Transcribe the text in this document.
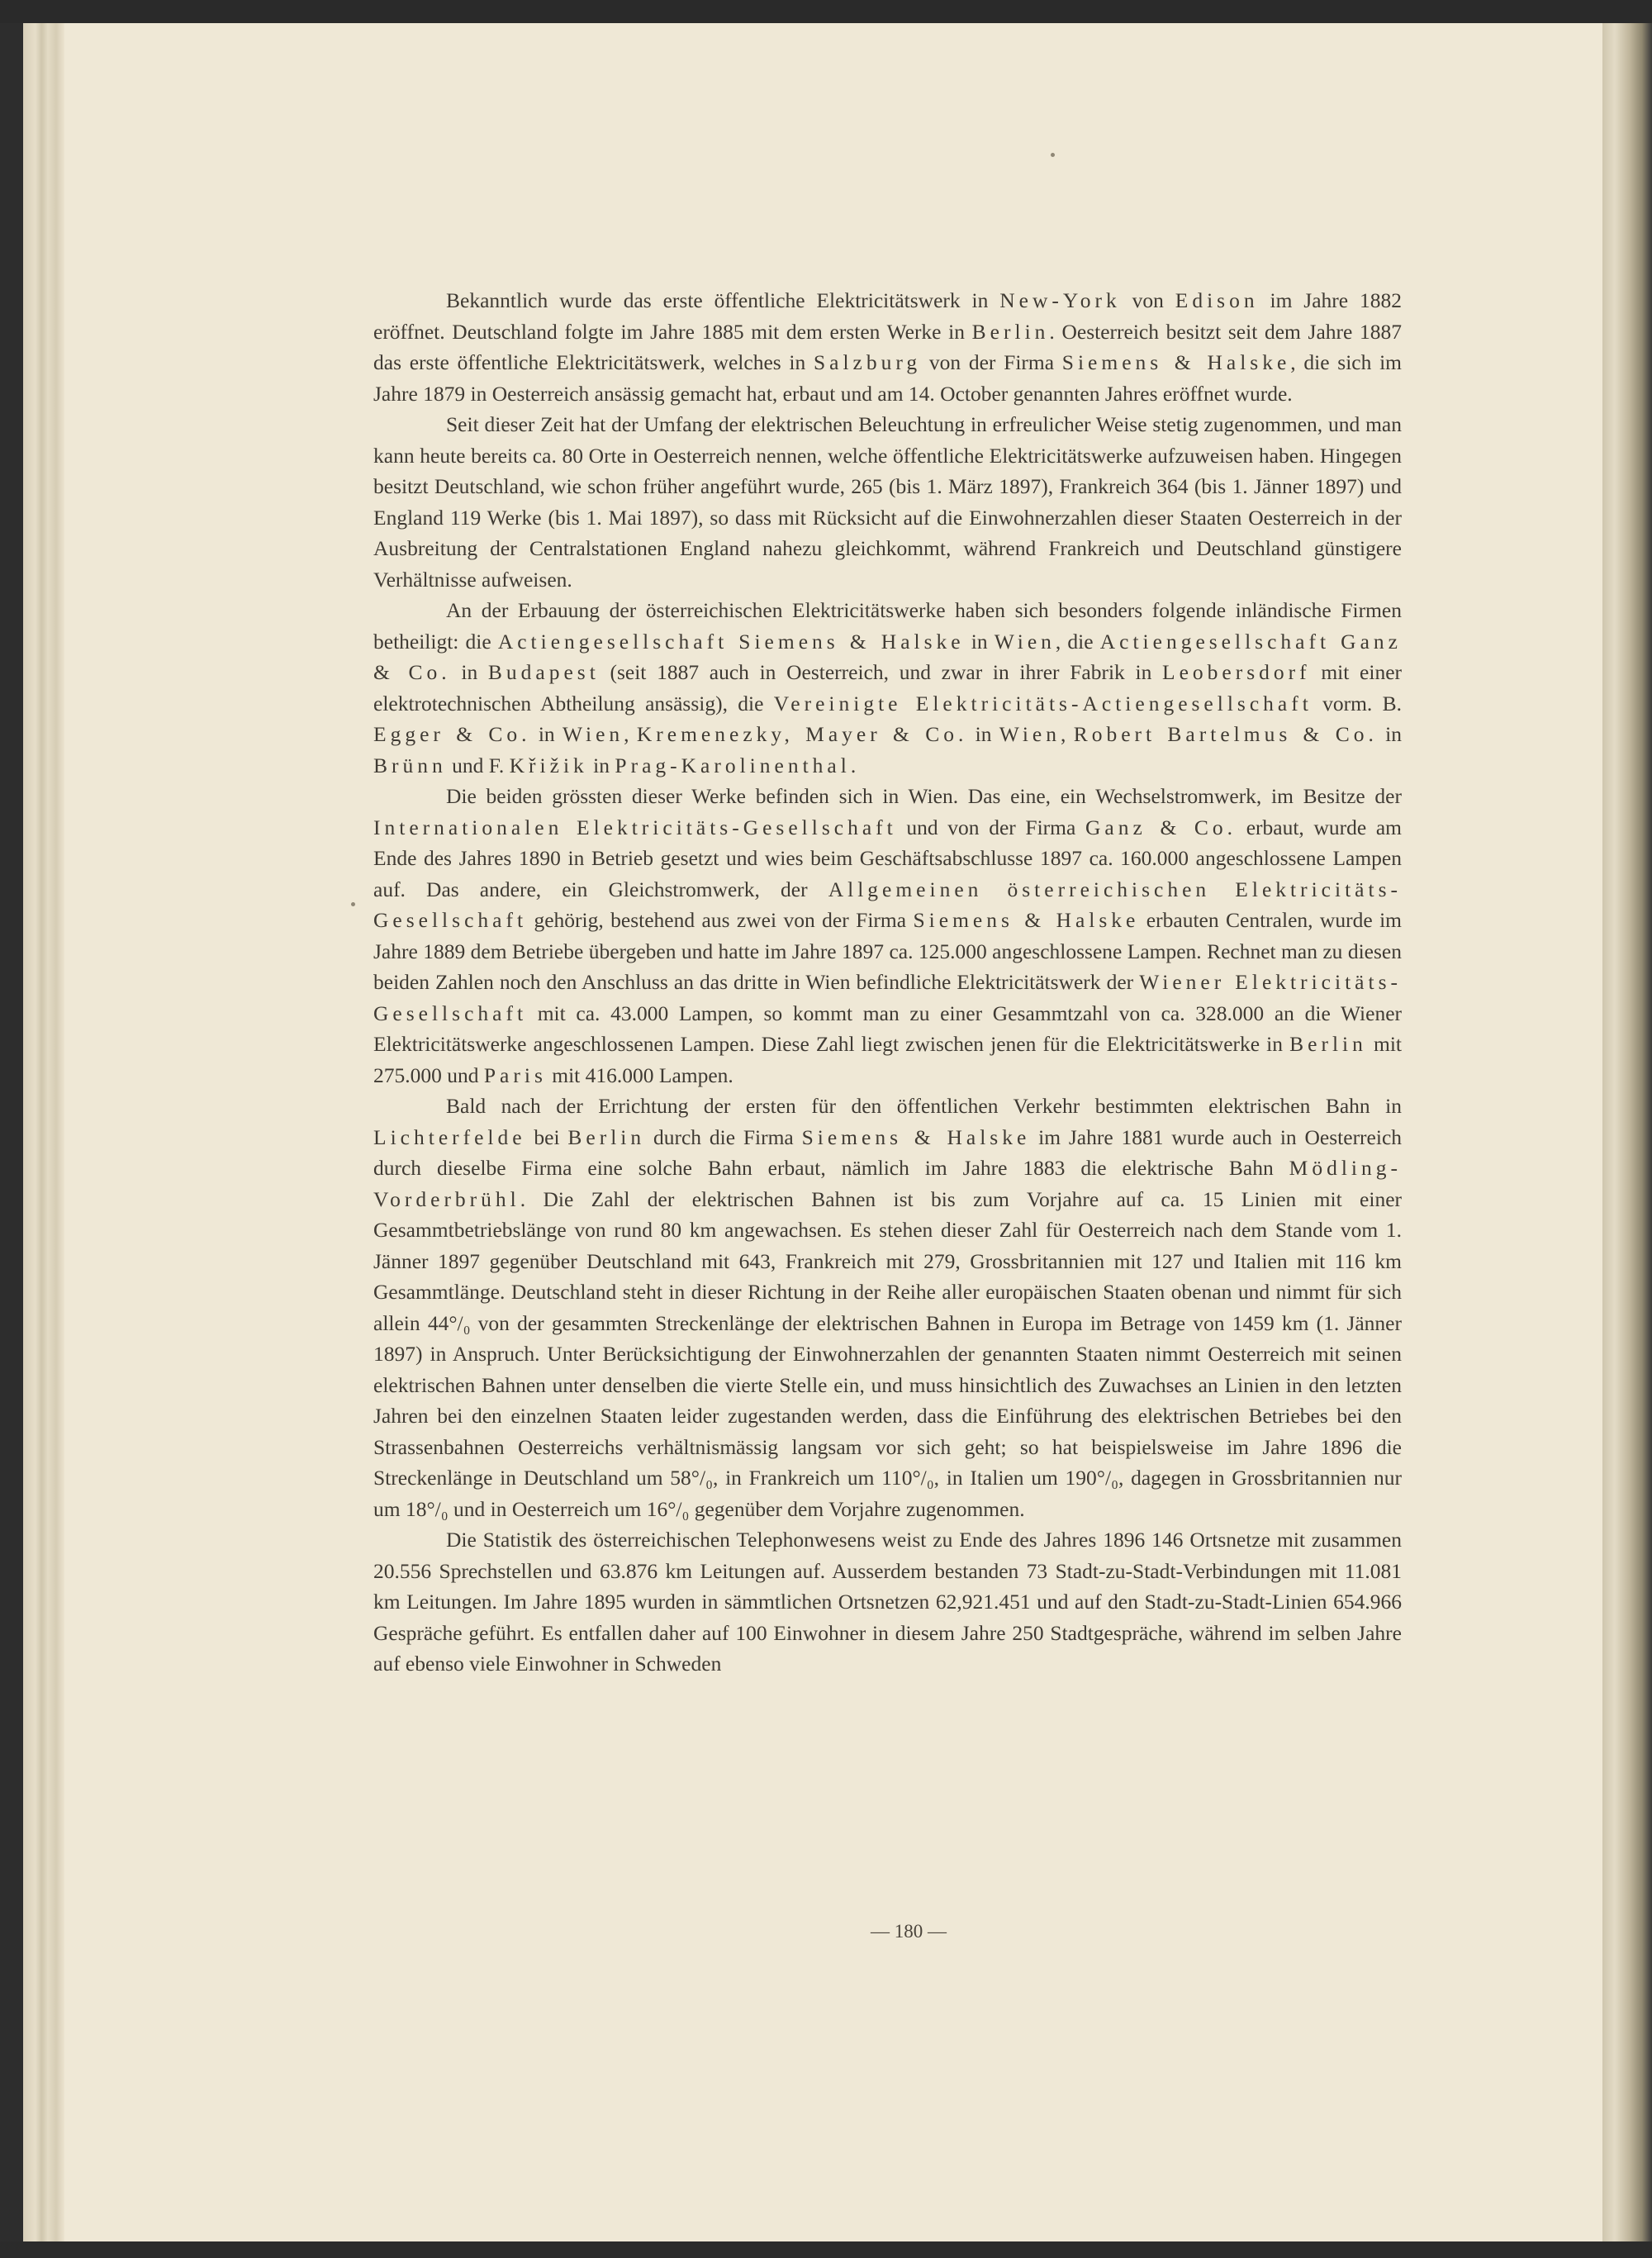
Bekanntlich wurde das erste öffentliche Elektricitätswerk in New-York von Edison im Jahre 1882 eröffnet. Deutschland folgte im Jahre 1885 mit dem ersten Werke in Berlin. Oesterreich besitzt seit dem Jahre 1887 das erste öffentliche Elektricitätswerk, welches in Salzburg von der Firma Siemens & Halske, die sich im Jahre 1879 in Oesterreich ansässig gemacht hat, erbaut und am 14. October genannten Jahres eröffnet wurde.

Seit dieser Zeit hat der Umfang der elektrischen Beleuchtung in erfreulicher Weise stetig zugenommen, und man kann heute bereits ca. 80 Orte in Oesterreich nennen, welche öffentliche Elektricitätswerke aufzuweisen haben. Hingegen besitzt Deutschland, wie schon früher angeführt wurde, 265 (bis 1. März 1897), Frankreich 364 (bis 1. Jänner 1897) und England 119 Werke (bis 1. Mai 1897), so dass mit Rücksicht auf die Einwohnerzahlen dieser Staaten Oesterreich in der Ausbreitung der Centralstationen England nahezu gleichkommt, während Frankreich und Deutschland günstigere Verhältnisse aufweisen.

An der Erbauung der österreichischen Elektricitätswerke haben sich besonders folgende inländische Firmen betheiligt: die Actiengesellschaft Siemens & Halske in Wien, die Actiengesellschaft Ganz & Co. in Budapest (seit 1887 auch in Oesterreich, und zwar in ihrer Fabrik in Leobersdorf mit einer elektrotechnischen Abtheilung ansässig), die Vereinigte Elektricitäts-Actiengesellschaft vorm. B. Egger & Co. in Wien, Kremenezky, Mayer & Co. in Wien, Robert Bartelmus & Co. in Brünn und F. Křižik in Prag-Karolinenthal.

Die beiden grössten dieser Werke befinden sich in Wien. Das eine, ein Wechselstromwerk, im Besitze der Internationalen Elektricitäts-Gesellschaft und von der Firma Ganz & Co. erbaut, wurde am Ende des Jahres 1890 in Betrieb gesetzt und wies beim Geschäftsabschlusse 1897 ca. 160.000 angeschlossene Lampen auf. Das andere, ein Gleichstromwerk, der Allgemeinen österreichischen Elektricitäts-Gesellschaft gehörig, bestehend aus zwei von der Firma Siemens & Halske erbauten Centralen, wurde im Jahre 1889 dem Betriebe übergeben und hatte im Jahre 1897 ca. 125.000 angeschlossene Lampen. Rechnet man zu diesen beiden Zahlen noch den Anschluss an das dritte in Wien befindliche Elektricitätswerk der Wiener Elektricitäts-Gesellschaft mit ca. 43.000 Lampen, so kommt man zu einer Gesammtzahl von ca. 328.000 an die Wiener Elektricitätswerke angeschlossenen Lampen. Diese Zahl liegt zwischen jenen für die Elektricitätswerke in Berlin mit 275.000 und Paris mit 416.000 Lampen.

Bald nach der Errichtung der ersten für den öffentlichen Verkehr bestimmten elektrischen Bahn in Lichterfelde bei Berlin durch die Firma Siemens & Halske im Jahre 1881 wurde auch in Oesterreich durch dieselbe Firma eine solche Bahn erbaut, nämlich im Jahre 1883 die elektrische Bahn Mödling-Vorderbrühl. Die Zahl der elektrischen Bahnen ist bis zum Vorjahre auf ca. 15 Linien mit einer Gesammtbetriebslänge von rund 80 km angewachsen. Es stehen dieser Zahl für Oesterreich nach dem Stande vom 1. Jänner 1897 gegenüber Deutschland mit 643, Frankreich mit 279, Grossbritannien mit 127 und Italien mit 116 km Gesammtlänge. Deutschland steht in dieser Richtung in der Reihe aller europäischen Staaten obenan und nimmt für sich allein 44°/₀ von der gesammten Streckenlänge der elektrischen Bahnen in Europa im Betrage von 1459 km (1. Jänner 1897) in Anspruch. Unter Berücksichtigung der Einwohnerzahlen der genannten Staaten nimmt Oesterreich mit seinen elektrischen Bahnen unter denselben die vierte Stelle ein, und muss hinsichtlich des Zuwachses an Linien in den letzten Jahren bei den einzelnen Staaten leider zugestanden werden, dass die Einführung des elektrischen Betriebes bei den Strassenbahnen Oesterreichs verhältnismässig langsam vor sich geht; so hat beispielsweise im Jahre 1896 die Streckenlänge in Deutschland um 58°/₀, in Frankreich um 110°/₀, in Italien um 190°/₀, dagegen in Grossbritannien nur um 18°/₀ und in Oesterreich um 16°/₀ gegenüber dem Vorjahre zugenommen.

Die Statistik des österreichischen Telephonwesens weist zu Ende des Jahres 1896 146 Ortsnetze mit zusammen 20.556 Sprechstellen und 63.876 km Leitungen auf. Ausserdem bestanden 73 Stadt-zu-Stadt-Verbindungen mit 11.081 km Leitungen. Im Jahre 1895 wurden in sämmtlichen Ortsnetzen 62,921.451 und auf den Stadt-zu-Stadt-Linien 654.966 Gespräche geführt. Es entfallen daher auf 100 Einwohner in diesem Jahre 250 Stadtgespräche, während im selben Jahre auf ebenso viele Einwohner in Schweden

— 180 —
